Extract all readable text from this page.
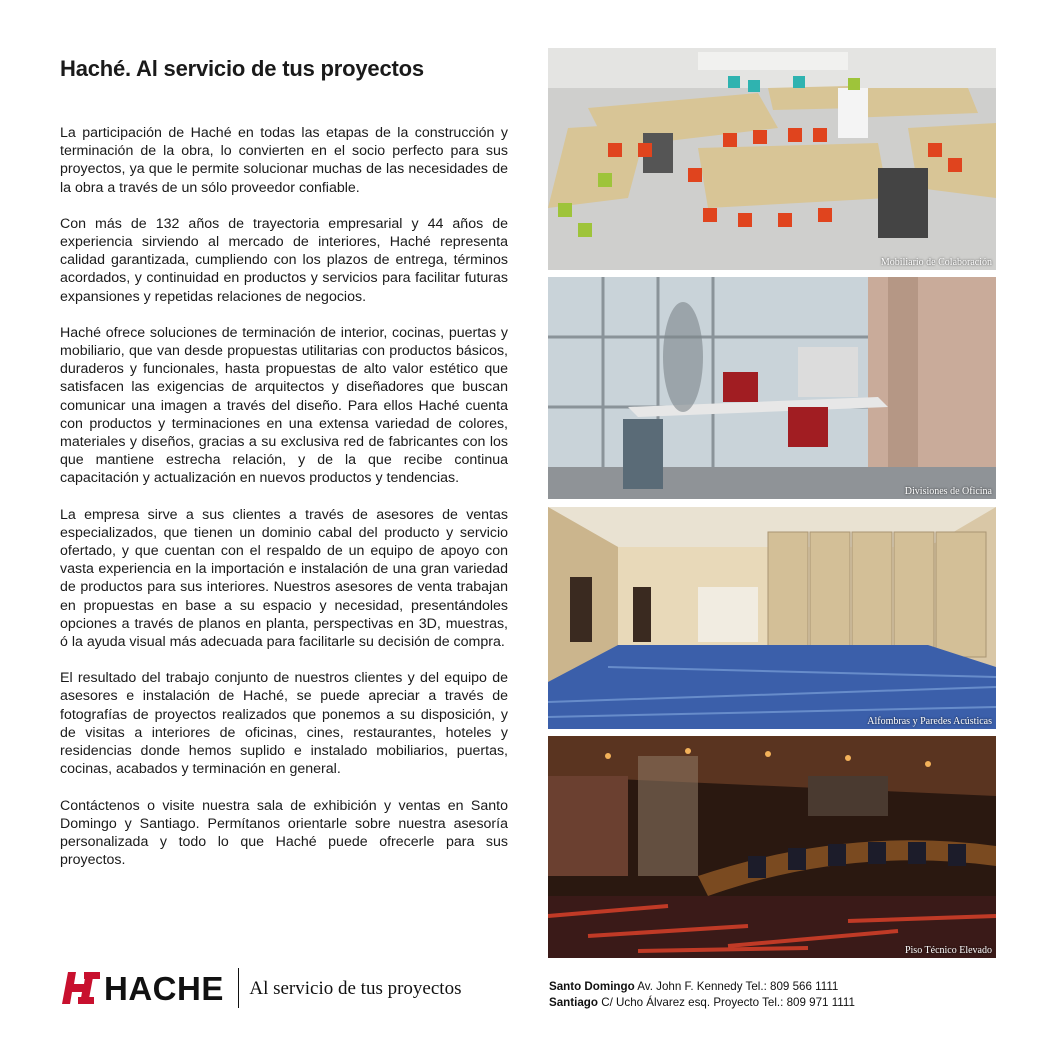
Haché. Al servicio de tus proyectos

La participación de Haché en todas las etapas de la construcción y terminación de la obra, lo convierten en el socio perfecto para sus proyectos, ya que le permite solucionar muchas de las necesidades de la obra a través de un sólo proveedor confiable.

Con más de 132 años de trayectoria empresarial y 44 años de experiencia sirviendo al mercado de interiores, Haché representa calidad garantizada, cumpliendo con los plazos de entrega, términos acordados, y continuidad en productos y servicios para facilitar futuras expansiones y repetidas relaciones de negocios.

Haché ofrece soluciones de terminación de interior, cocinas, puertas y mobiliario, que van desde propuestas utilitarias con productos básicos, duraderos y funcionales, hasta propuestas de alto valor estético que satisfacen las exigencias de arquitectos y diseñadores que buscan comunicar una imagen a través del diseño. Para ellos Haché cuenta con productos y terminaciones en una extensa variedad de colores, materiales y diseños, gracias a su exclusiva red de fabricantes con los que mantiene estrecha relación, y de la que recibe continua capacitación y actualización en nuevos productos y tendencias.

La empresa sirve a sus clientes a través de asesores de ventas especializados, que tienen un dominio cabal del producto y servicio ofertado, y que cuentan con el respaldo de un equipo de apoyo con vasta experiencia en la importación e instalación de una gran variedad de productos para sus interiores. Nuestros asesores de venta trabajan en propuestas en base a su espacio y necesidad, presentándoles opciones a través de planos en planta, perspectivas en 3D, muestras, ó la ayuda visual más adecuada para facilitarle su decisión de compra.

El resultado del trabajo conjunto de nuestros clientes y del equipo de asesores e instalación de Haché, se puede apreciar a través de fotografías de proyectos realizados que ponemos a su disposición, y de visitas a interiores de oficinas, cines, restaurantes, hoteles y residencias donde hemos suplido e instalado mobiliarios, puertas, cocinas, acabados y terminación en general.

Contáctenos o visite nuestra sala de exhibición y ventas en Santo Domingo y Santiago. Permítanos orientarle sobre nuestra asesoría personalizada y todo lo que Haché puede ofrecerle para sus proyectos.

Mobiliario de Colaboración
Divisiones de Oficina
Alfombras y Paredes Acústicas
Piso Técnico Elevado
HACHE Al servicio de tus proyectos	Santo Domingo Av. John F. Kennedy Tel.: 809 566 1111
Santiago C/ Ucho Álvarez esq. Proyecto Tel.: 809 971 1111
